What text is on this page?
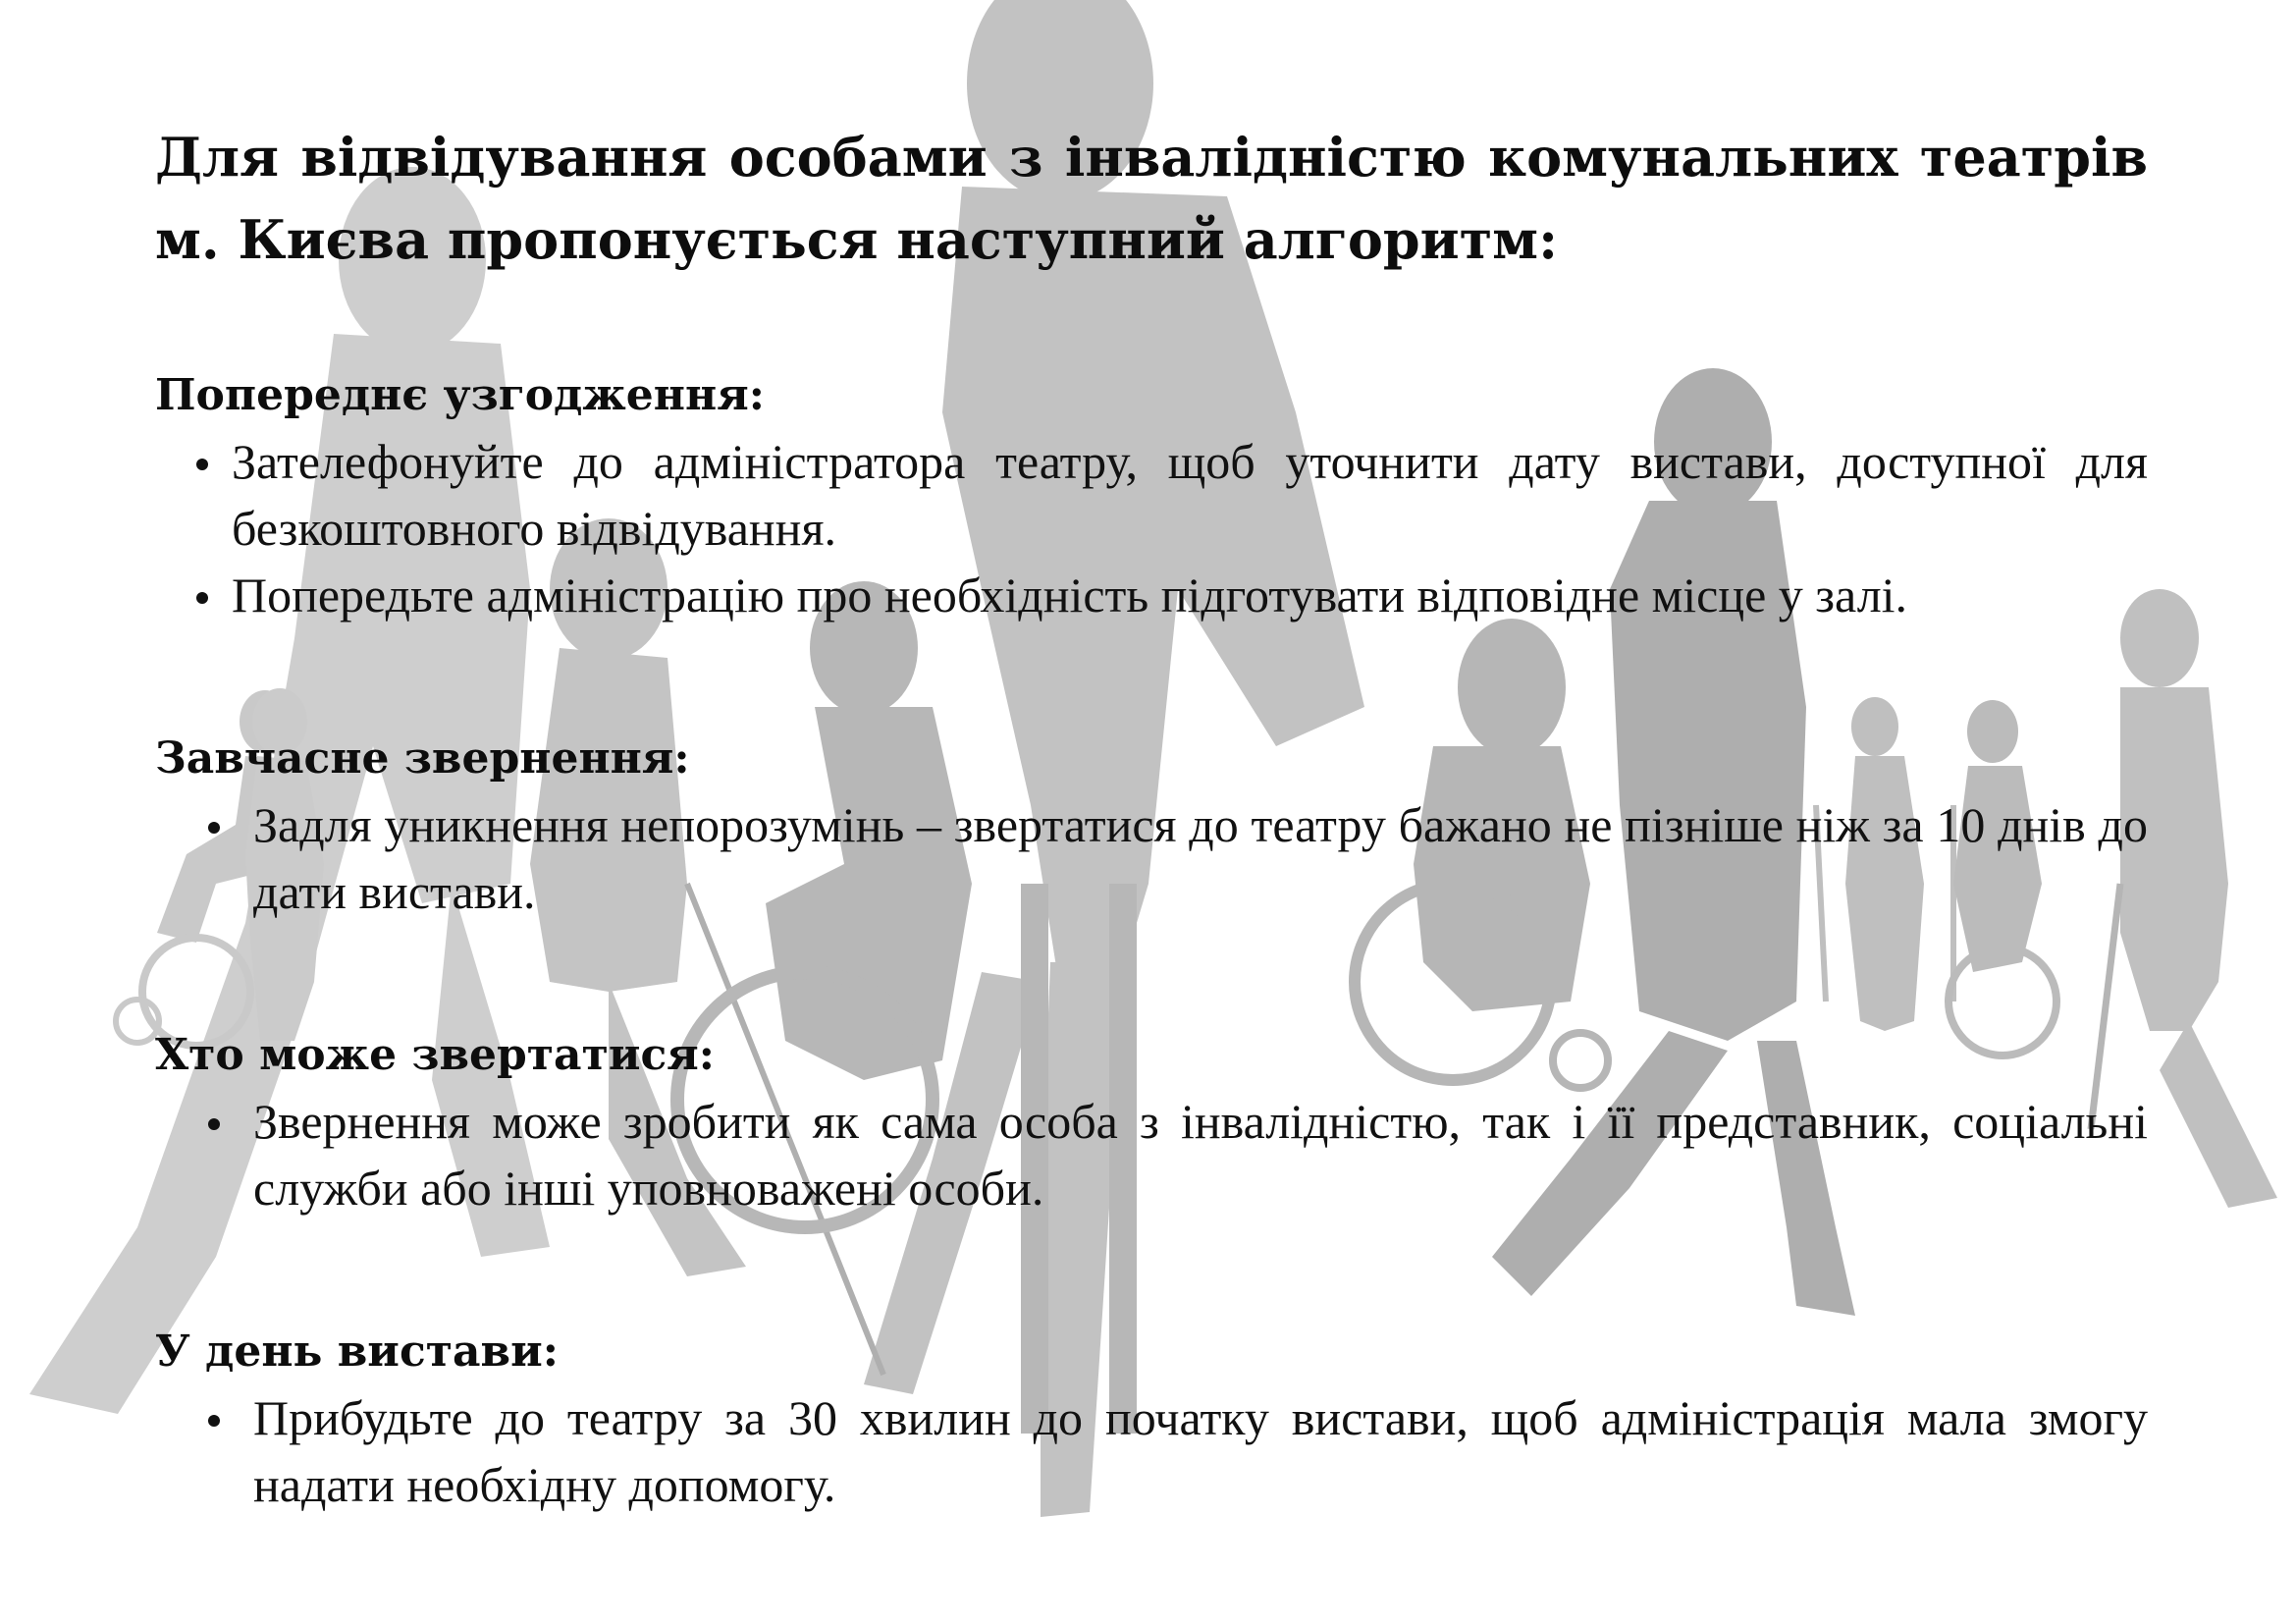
Для відвідування особами з інвалідністю комунальних театрів м. Києва пропонується наступний алгоритм:
Попереднє узгодження:
Зателефонуйте до адміністратора театру, щоб уточнити дату вистави, доступної для безкоштовного відвідування.
Попередьте адміністрацію про необхідність підготувати відповідне місце у залі.
Завчасне звернення:
Задля уникнення непорозумінь – звертатися до театру бажано не пізніше ніж за 10 днів до дати вистави.
Хто може звертатися:
Звернення може зробити як сама особа з інвалідністю, так і її представник, соціальні служби або інші уповноважені особи.
У день вистави:
Прибудьте до театру за 30 хвилин до початку вистави, щоб адміністрація мала змогу надати необхідну допомогу.
